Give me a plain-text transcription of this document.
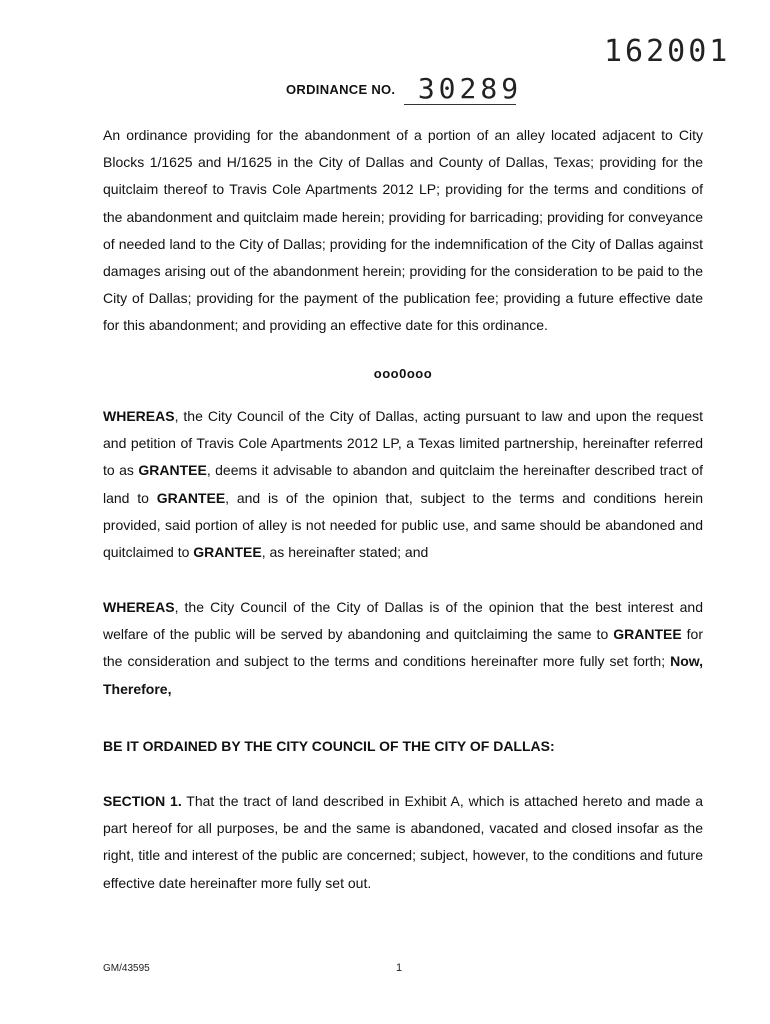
162001
ORDINANCE NO. 30289

An ordinance providing for the abandonment of a portion of an alley located adjacent to City Blocks 1/1625 and H/1625 in the City of Dallas and County of Dallas, Texas; providing for the quitclaim thereof to Travis Cole Apartments 2012 LP; providing for the terms and conditions of the abandonment and quitclaim made herein; providing for barricading; providing for conveyance of needed land to the City of Dallas; providing for the indemnification of the City of Dallas against damages arising out of the abandonment herein; providing for the consideration to be paid to the City of Dallas; providing for the payment of the publication fee; providing a future effective date for this abandonment; and providing an effective date for this ordinance.

ooo0ooo

WHEREAS, the City Council of the City of Dallas, acting pursuant to law and upon the request and petition of Travis Cole Apartments 2012 LP, a Texas limited partnership, hereinafter referred to as GRANTEE, deems it advisable to abandon and quitclaim the hereinafter described tract of land to GRANTEE, and is of the opinion that, subject to the terms and conditions herein provided, said portion of alley is not needed for public use, and same should be abandoned and quitclaimed to GRANTEE, as hereinafter stated; and

WHEREAS, the City Council of the City of Dallas is of the opinion that the best interest and welfare of the public will be served by abandoning and quitclaiming the same to GRANTEE for the consideration and subject to the terms and conditions hereinafter more fully set forth; Now, Therefore,

BE IT ORDAINED BY THE CITY COUNCIL OF THE CITY OF DALLAS:

SECTION 1. That the tract of land described in Exhibit A, which is attached hereto and made a part hereof for all purposes, be and the same is abandoned, vacated and closed insofar as the right, title and interest of the public are concerned; subject, however, to the conditions and future effective date hereinafter more fully set out.

GM/43595	1
